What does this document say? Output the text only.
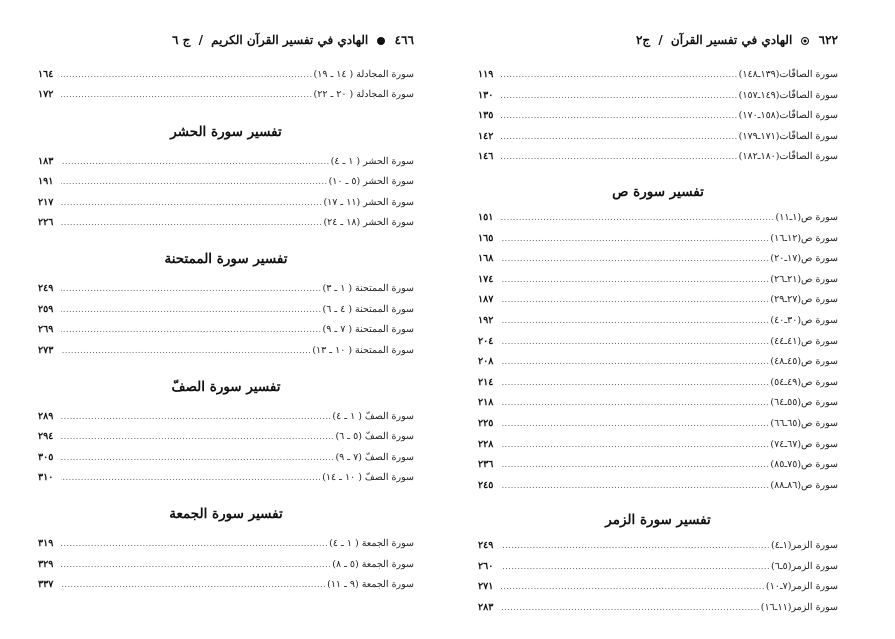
٤٦٦  الهادي في تفسير القرآن الكريم / ج ٦
سورة المجادلة ( ١٤ ـ ١٩)
.....
١٦٤
سورة المجادلة ( ٢٠ ـ ٢٢)
.....
١٧٢
تفسير سورة الحشر
سورة الحشر ( ١ ـ ٤)
.....
١٨٣
سورة الحشر (٥ ـ ١٠)
.....
١٩١
سورة الحشر (١١ ـ ١٧)
.....
٢١٧
سورة الحشر (١٨ ـ ٢٤)
.....
٢٢٦
تفسير سورة الممتحنة
سورة الممتحنة ( ١ ـ ٣)
.....
٢٤٩
سورة الممتحنة ( ٤ ـ ٦)
.....
٢٥٩
سورة الممتحنة ( ٧ ـ ٩)
.....
٢٦٩
سورة الممتحنة ( ١٠ ـ ١٣)
.....
٢٧٣
تفسير سورة الصفّ
سورة الصفّ ( ١ ـ ٤)
.....
٢٨٩
سورة الصفّ (٥ ـ ٦)
.....
٢٩٤
سورة الصفّ (٧ ـ ٩)
.....
٣٠٥
سورة الصفّ ( ١٠ ـ ١٤)
.....
٣١٠
تفسير سورة الجمعة
سورة الجمعة ( ١ ـ ٤)
.....
٣١٩
سورة الجمعة (٥ ـ ٨)
.....
٣٢٩
سورة الجمعة (٩ ـ ١١)
.....
٣٣٧
٦٢٢  الهادي في تفسير القرآن / ج٢
سورة الصافّات(١٣٩ـ١٤٨)
.....
١١٩
سورة الصافّات(١٤٩ـ١٥٧)
.....
١٣٠
سورة الصافّات(١٥٨ـ١٧٠)
.....
١٣٥
سورة الصافّات(١٧١ـ١٧٩)
.....
١٤٢
سورة الصافّات(١٨٠ـ١٨٢)
.....
١٤٦
تفسير سورة ص
سورة ص(١ـ١١)
.....
١٥١
سورة ص(١٢ـ١٦)
.....
١٦٥
سورة ص(١٧ـ٢٠)
.....
١٦٨
سورة ص(٢١ـ٢٦)
.....
١٧٤
سورة ص(٢٧ـ٢٩)
.....
١٨٧
سورة ص(٣٠ـ٤٠)
.....
١٩٢
سورة ص(٤١ـ٤٤)
.....
٢٠٤
سورة ص(٤٥ـ٤٨)
.....
٢٠٨
سورة ص(٤٩ـ٥٤)
.....
٢١٤
سورة ص(٥٥ـ٦٤)
.....
٢١٨
سورة ص(٦٥ـ٦٦)
.....
٢٢٥
سورة ص(٦٧ـ٧٤)
.....
٢٢٨
سورة ص(٧٥ـ٨٥)
.....
٢٣٦
سورة ص(٨٦ـ٨٨)
.....
٢٤٥
تفسير سورة الزمر
سورة الزمر(١ـ٤)
.....
٢٤٩
سورة الزمر(٥ـ٦)
.....
٢٦٠
سورة الزمر(٧ـ١٠)
.....
٢٧١
سورة الزمر(١١ـ١٦)
.....
٢٨٣
